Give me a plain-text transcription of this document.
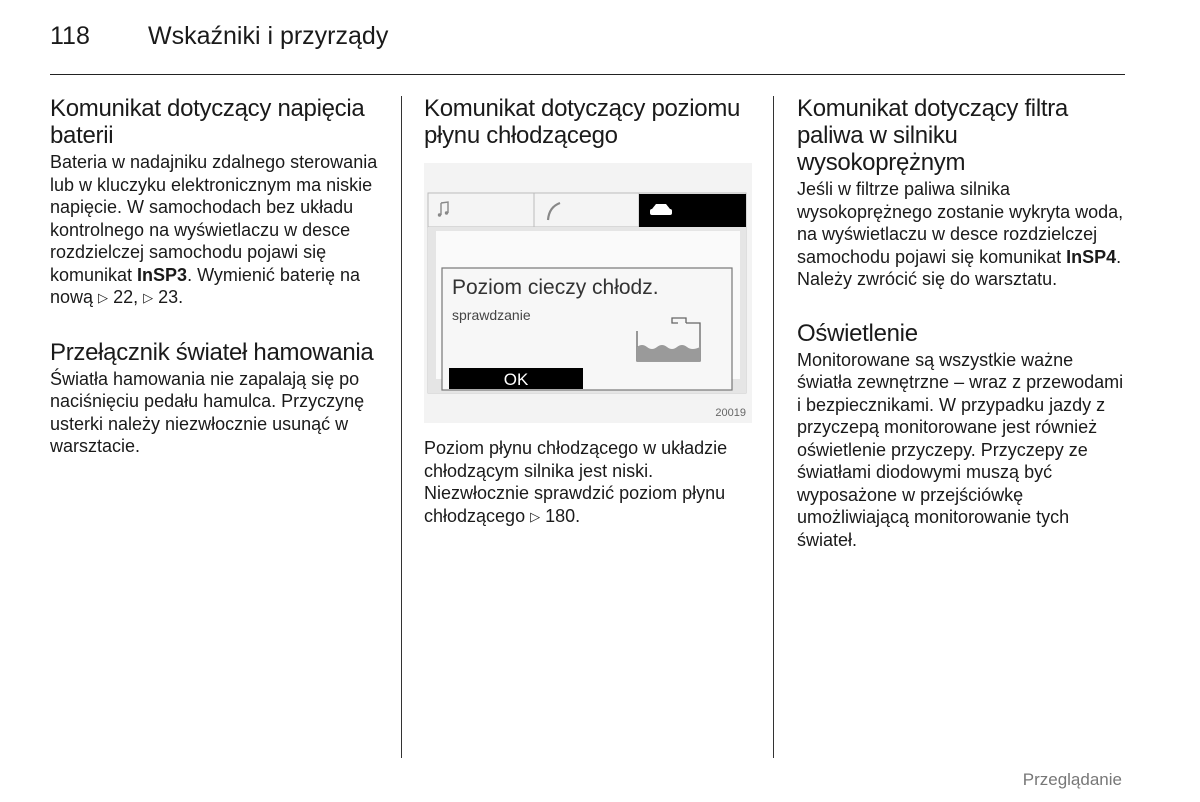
118 Wskaźniki i przyrządy
Komunikat dotyczący napięcia baterii

Bateria w nadajniku zdalnego sterowania lub w kluczyku elektronicznym ma niskie napięcie. W samochodach bez układu kontrolnego na wyświetlaczu w desce rozdzielczej samochodu pojawi się komunikat InSP3. Wymienić baterię na nową ▷ 22, ▷ 23.

Przełącznik świateł hamowania

Światła hamowania nie zapalają się po naciśnięciu pedału hamulca. Przyczynę usterki należy niezwłocznie usunąć w warsztacie.

Komunikat dotyczący poziomu płynu chłodzącego
Poziom cieczy chłodz.
sprawdzanie
OK
20019

Poziom płynu chłodzącego w układzie chłodzącym silnika jest niski. Niezwłocznie sprawdzić poziom płynu chłodzącego ▷ 180.

Komunikat dotyczący filtra paliwa w silniku wysokoprężnym

Jeśli w filtrze paliwa silnika wysokoprężnego zostanie wykryta woda, na wyświetlaczu w desce rozdzielczej samochodu pojawi się komunikat InSP4. Należy zwrócić się do warsztatu.

Oświetlenie

Monitorowane są wszystkie ważne światła zewnętrzne – wraz z przewodami i bezpiecznikami. W przypadku jazdy z przyczepą monitorowane jest również oświetlenie przyczepy. Przyczepy ze światłami diodowymi muszą być wyposażone w przejściówkę umożliwiającą monitorowanie tych świateł.

Przeglądanie
